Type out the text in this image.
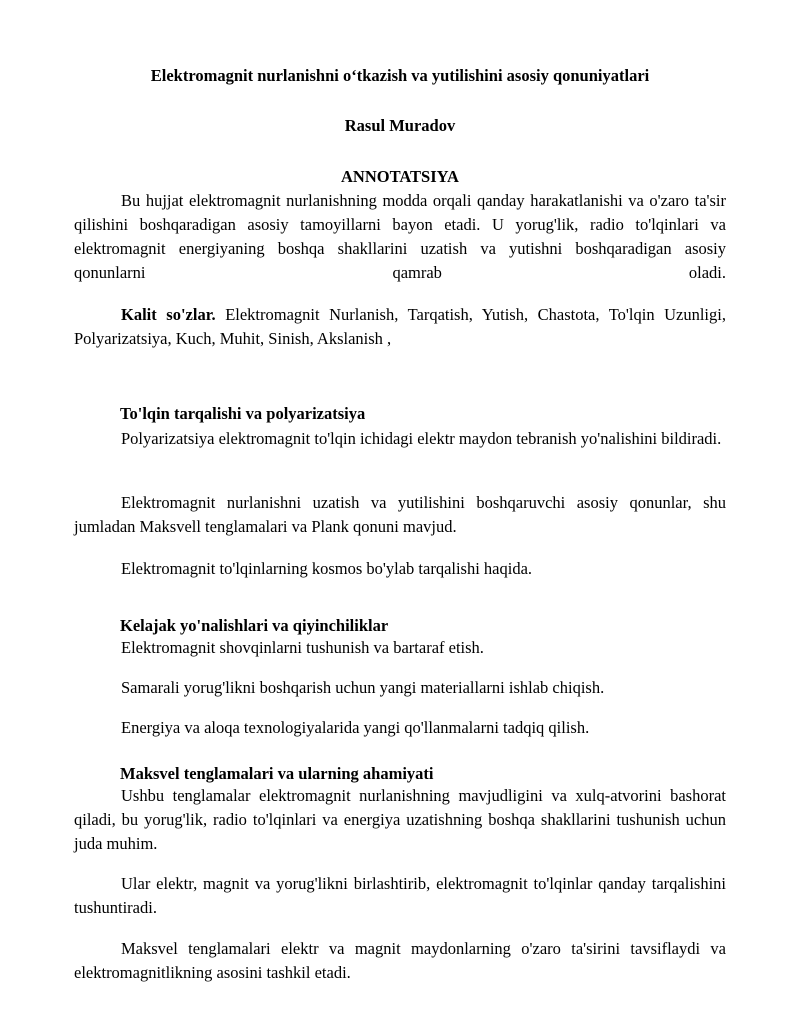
Elektromagnit nurlanishni o‘tkazish va yutilishini asosiy qonuniyatlari
Rasul Muradov
ANNOTATSIYA

Bu hujjat elektromagnit nurlanishning modda orqali qanday harakatlanishi va o'zaro ta'sir qilishini boshqaradigan asosiy tamoyillarni bayon etadi. U yorug'lik, radio to'lqinlari va elektromagnit energiyaning boshqa shakllarini uzatish va yutishni boshqaradigan asosiy qonunlarni qamrab oladi.

Kalit so'zlar. Elektromagnit Nurlanish, Tarqatish, Yutish, Chastota, To'lqin Uzunligi, Polyarizatsiya, Kuch, Muhit, Sinish, Akslanish ,

To'lqin tarqalishi va polyarizatsiya

Polyarizatsiya elektromagnit to'lqin ichidagi elektr maydon tebranish yo'nalishini bildiradi.

Elektromagnit nurlanishni uzatish va yutilishini boshqaruvchi asosiy qonunlar, shu jumladan Maksvell tenglamalari va Plank qonuni mavjud.

Elektromagnit to'lqinlarning kosmos bo'ylab tarqalishi haqida.

Kelajak yo'nalishlari va qiyinchiliklar

Elektromagnit shovqinlarni tushunish va bartaraf etish.

Samarali yorug'likni boshqarish uchun yangi materiallarni ishlab chiqish.

Energiya va aloqa texnologiyalarida yangi qo'llanmalarni tadqiq qilish.

Maksvel tenglamalari va ularning ahamiyati

Ushbu tenglamalar elektromagnit nurlanishning mavjudligini va xulq-atvorini bashorat qiladi, bu yorug'lik, radio to'lqinlari va energiya uzatishning boshqa shakllarini tushunish uchun juda muhim.

Ular elektr, magnit va yorug'likni birlashtirib, elektromagnit to'lqinlar qanday tarqalishini tushuntiradi.

Maksvel tenglamalari elektr va magnit maydonlarning o'zaro ta'sirini tavsiflaydi va elektromagnitlikning asosini tashkil etadi.
